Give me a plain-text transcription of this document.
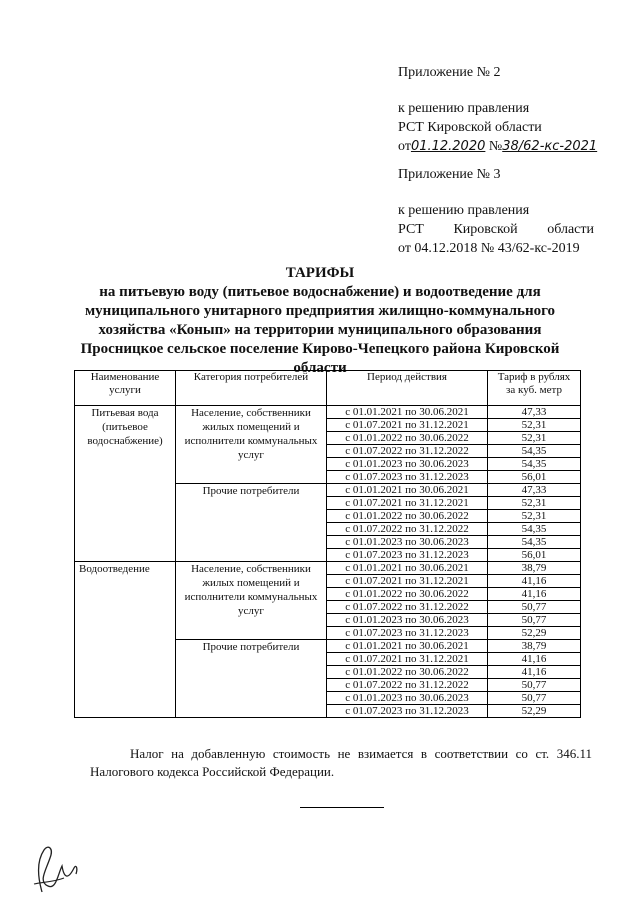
Приложение № 2
к решению правления
РСТ Кировской области
от01.12.2020 №38/62-кс-2021
Приложение № 3
к решению правления
РСТ Кировской области
от 04.12.2018 № 43/62-кс-2019
ТАРИФЫ
на питьевую воду (питьевое водоснабжение) и водоотведение для муниципального унитарного предприятия жилищно-коммунального хозяйства «Конып» на территории муниципального образования Просницкое сельское поселение Кирово-Чепецкого района Кировской области
Наименование услуги	Категория потребителей	Период действия	Тариф в рублях за куб. метр
Питьевая вода (питьевое водоснабжение)	Население, собственники жилых помещений и исполнители коммунальных услуг	с 01.01.2021 по 30.06.2021	47,33
		с 01.07.2021 по 31.12.2021	52,31
		с 01.01.2022 по 30.06.2022	52,31
		с 01.07.2022 по 31.12.2022	54,35
		с 01.01.2023 по 30.06.2023	54,35
		с 01.07.2023 по 31.12.2023	56,01
	Прочие потребители	с 01.01.2021 по 30.06.2021	47,33
		с 01.07.2021 по 31.12.2021	52,31
		с 01.01.2022 по 30.06.2022	52,31
		с 01.07.2022 по 31.12.2022	54,35
		с 01.01.2023 по 30.06.2023	54,35
		с 01.07.2023 по 31.12.2023	56,01
Водоотведение	Население, собственники жилых помещений и исполнители коммунальных услуг	с 01.01.2021 по 30.06.2021	38,79
		с 01.07.2021 по 31.12.2021	41,16
		с 01.01.2022 по 30.06.2022	41,16
		с 01.07.2022 по 31.12.2022	50,77
		с 01.01.2023 по 30.06.2023	50,77
		с 01.07.2023 по 31.12.2023	52,29
	Прочие потребители	с 01.01.2021 по 30.06.2021	38,79
		с 01.07.2021 по 31.12.2021	41,16
		с 01.01.2022 по 30.06.2022	41,16
		с 01.07.2022 по 31.12.2022	50,77
		с 01.01.2023 по 30.06.2023	50,77
		с 01.07.2023 по 31.12.2023	52,29
Налог на добавленную стоимость не взимается в соответствии со ст. 346.11 Налогового кодекса Российской Федерации.
